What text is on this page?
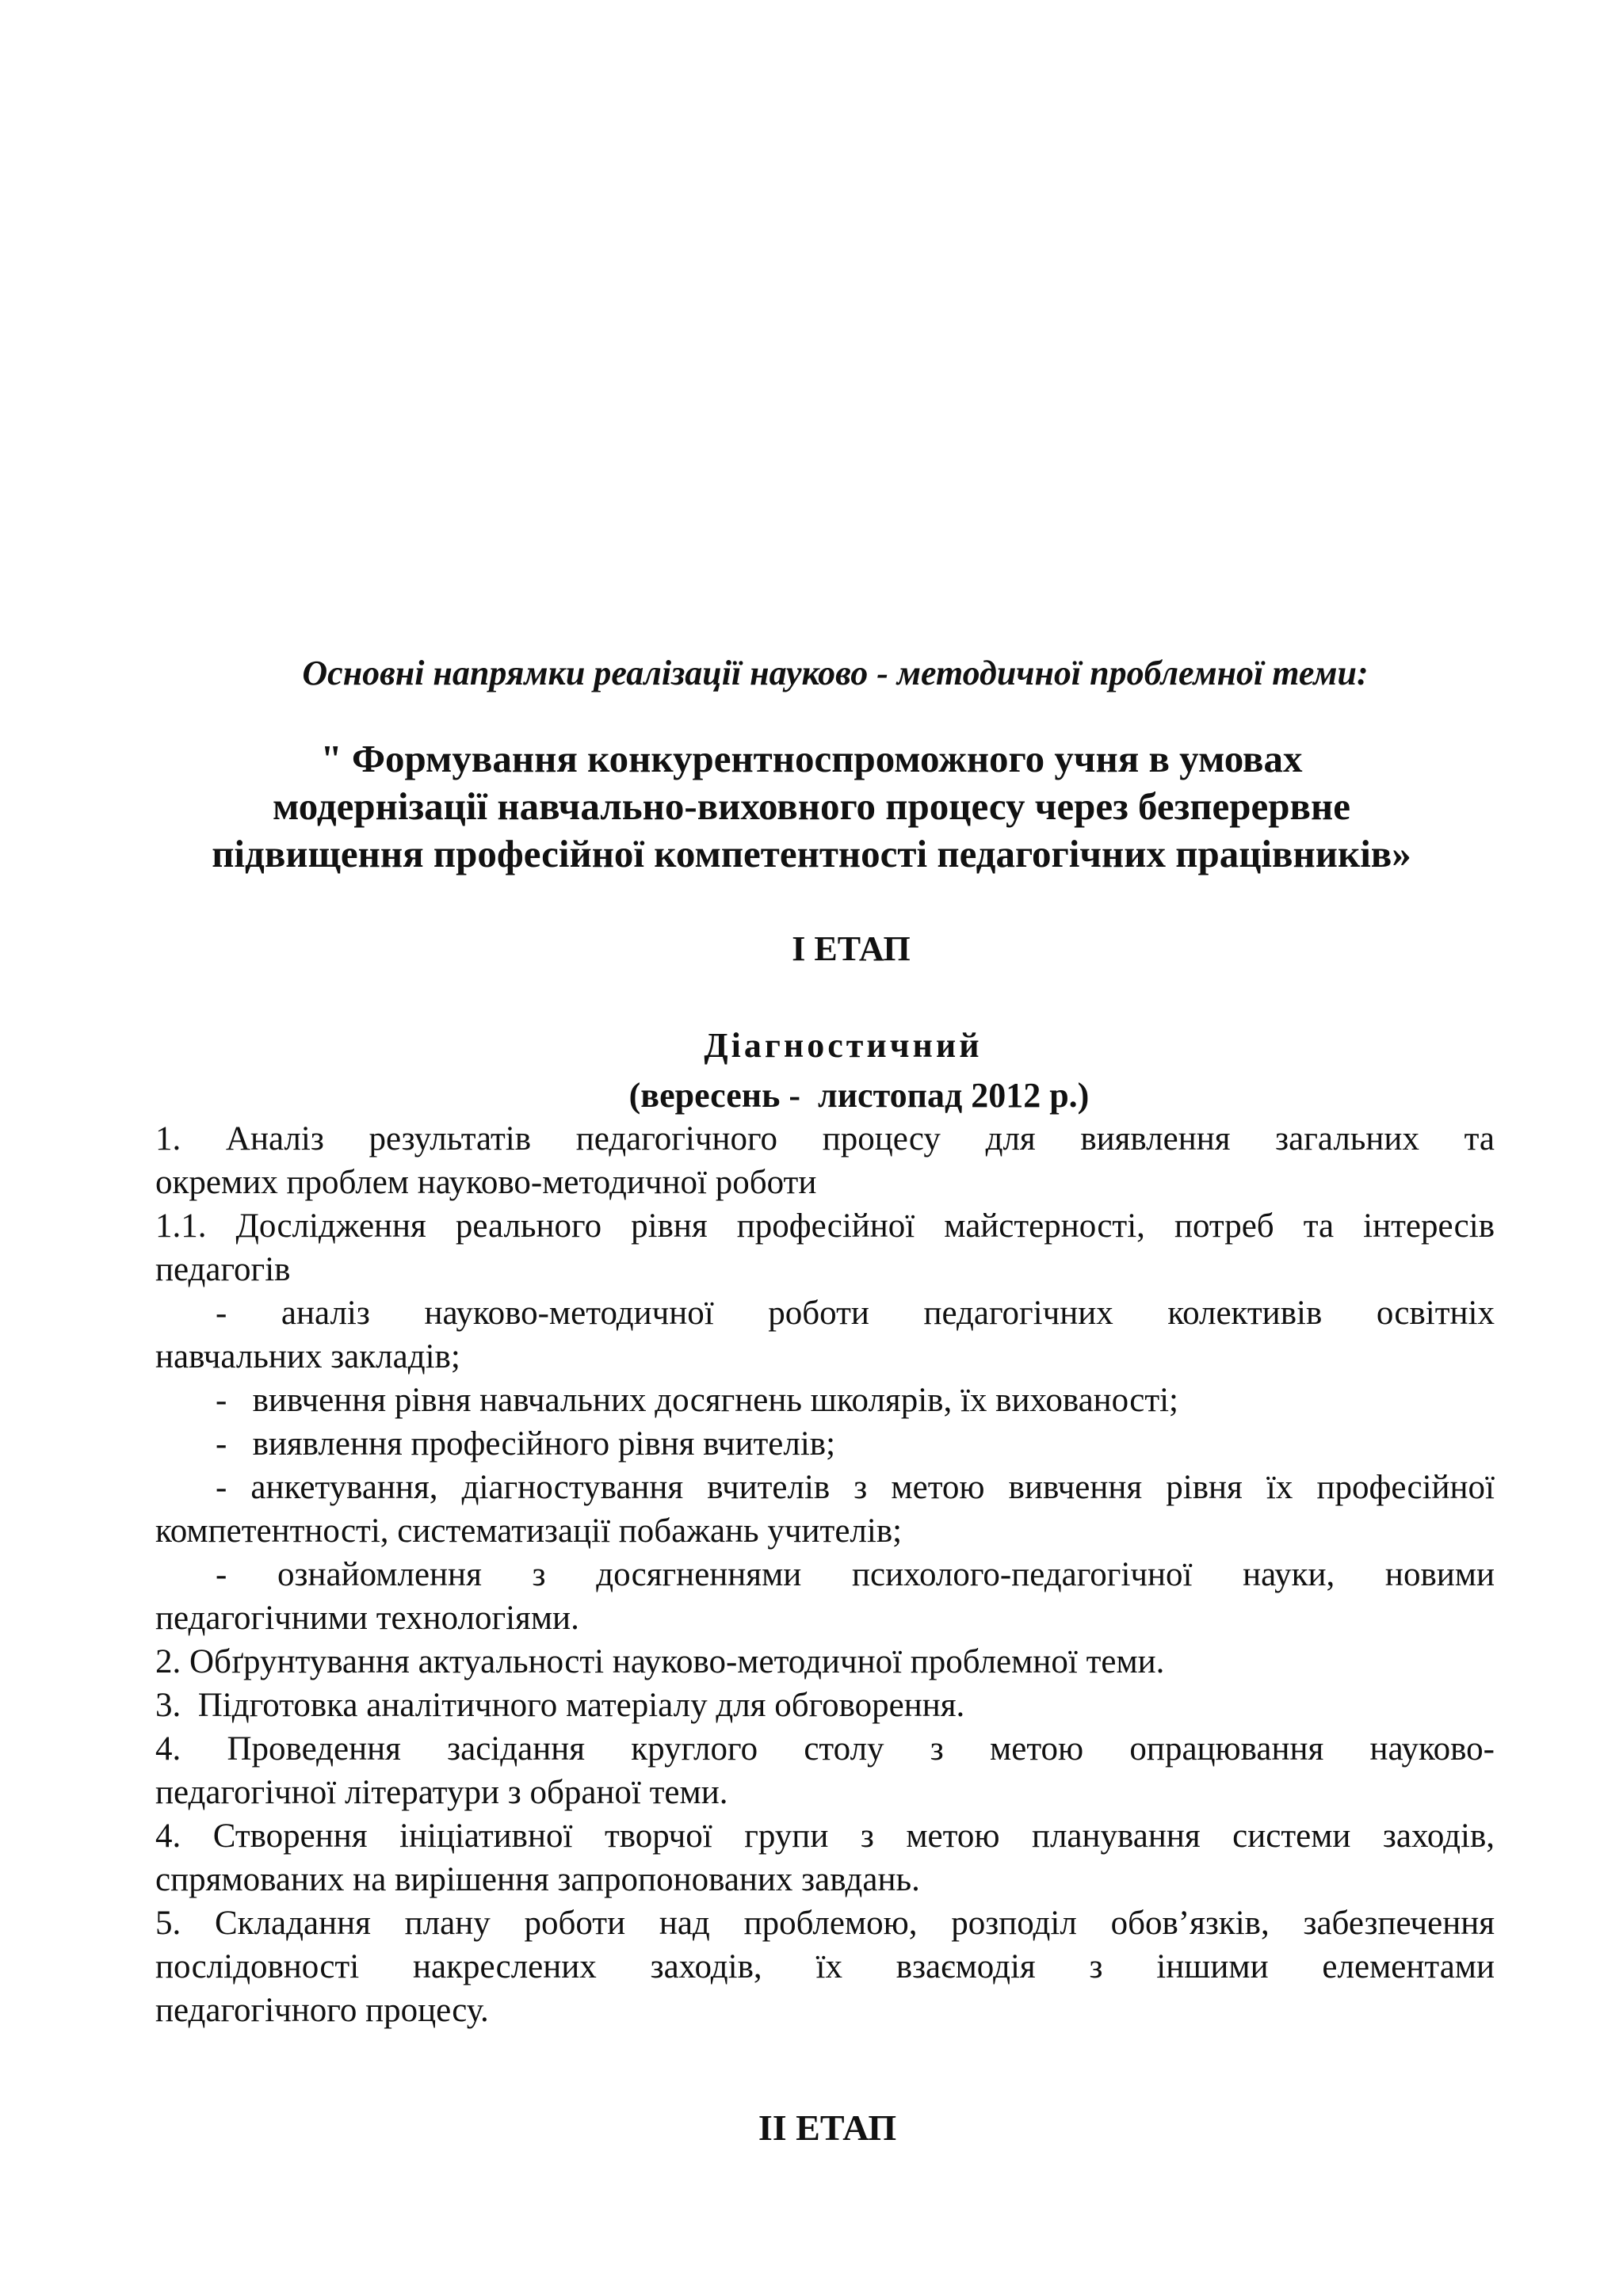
Основні напрямки реалізації науково - методичної проблемної теми:
" Формування конкурентноспроможного учня в умовах
модернізації навчально-виховного процесу через безперервне
підвищення професійної компетентності педагогічних працівників»
І ЕТАП
Діагностичний
(вересень -  листопад 2012 р.)

1. Аналіз результатів педагогічного процесу для виявлення загальних та
окремих проблем науково-методичної роботи

1.1. Дослідження реального рівня професійної майстерності, потреб та інтересів
педагогів

- аналіз науково-методичної роботи педагогічних колективів освітніх
навчальних закладів;

-   вивчення рівня навчальних досягнень школярів, їх вихованості;

-   виявлення професійного рівня вчителів;

- анкетування, діагностування вчителів з метою вивчення рівня їх професійної
компетентності, систематизації побажань учителів;

- ознайомлення з досягненнями психолого-педагогічної науки, новими
педагогічними технологіями.

2. Обґрунтування актуальності науково-методичної проблемної теми.

3.  Підготовка аналітичного матеріалу для обговорення.

4. Проведення засідання круглого столу з метою опрацювання науково-
педагогічної літератури з обраної теми.

4. Створення ініціативної творчої групи з метою планування системи заходів,
спрямованих на вирішення запропонованих завдань.

5. Складання плану роботи над проблемою, розподіл обов’язків, забезпечення
послідовності накреслених заходів, їх взаємодія з іншими елементами
педагогічного процесу.

ІІ ЕТАП
